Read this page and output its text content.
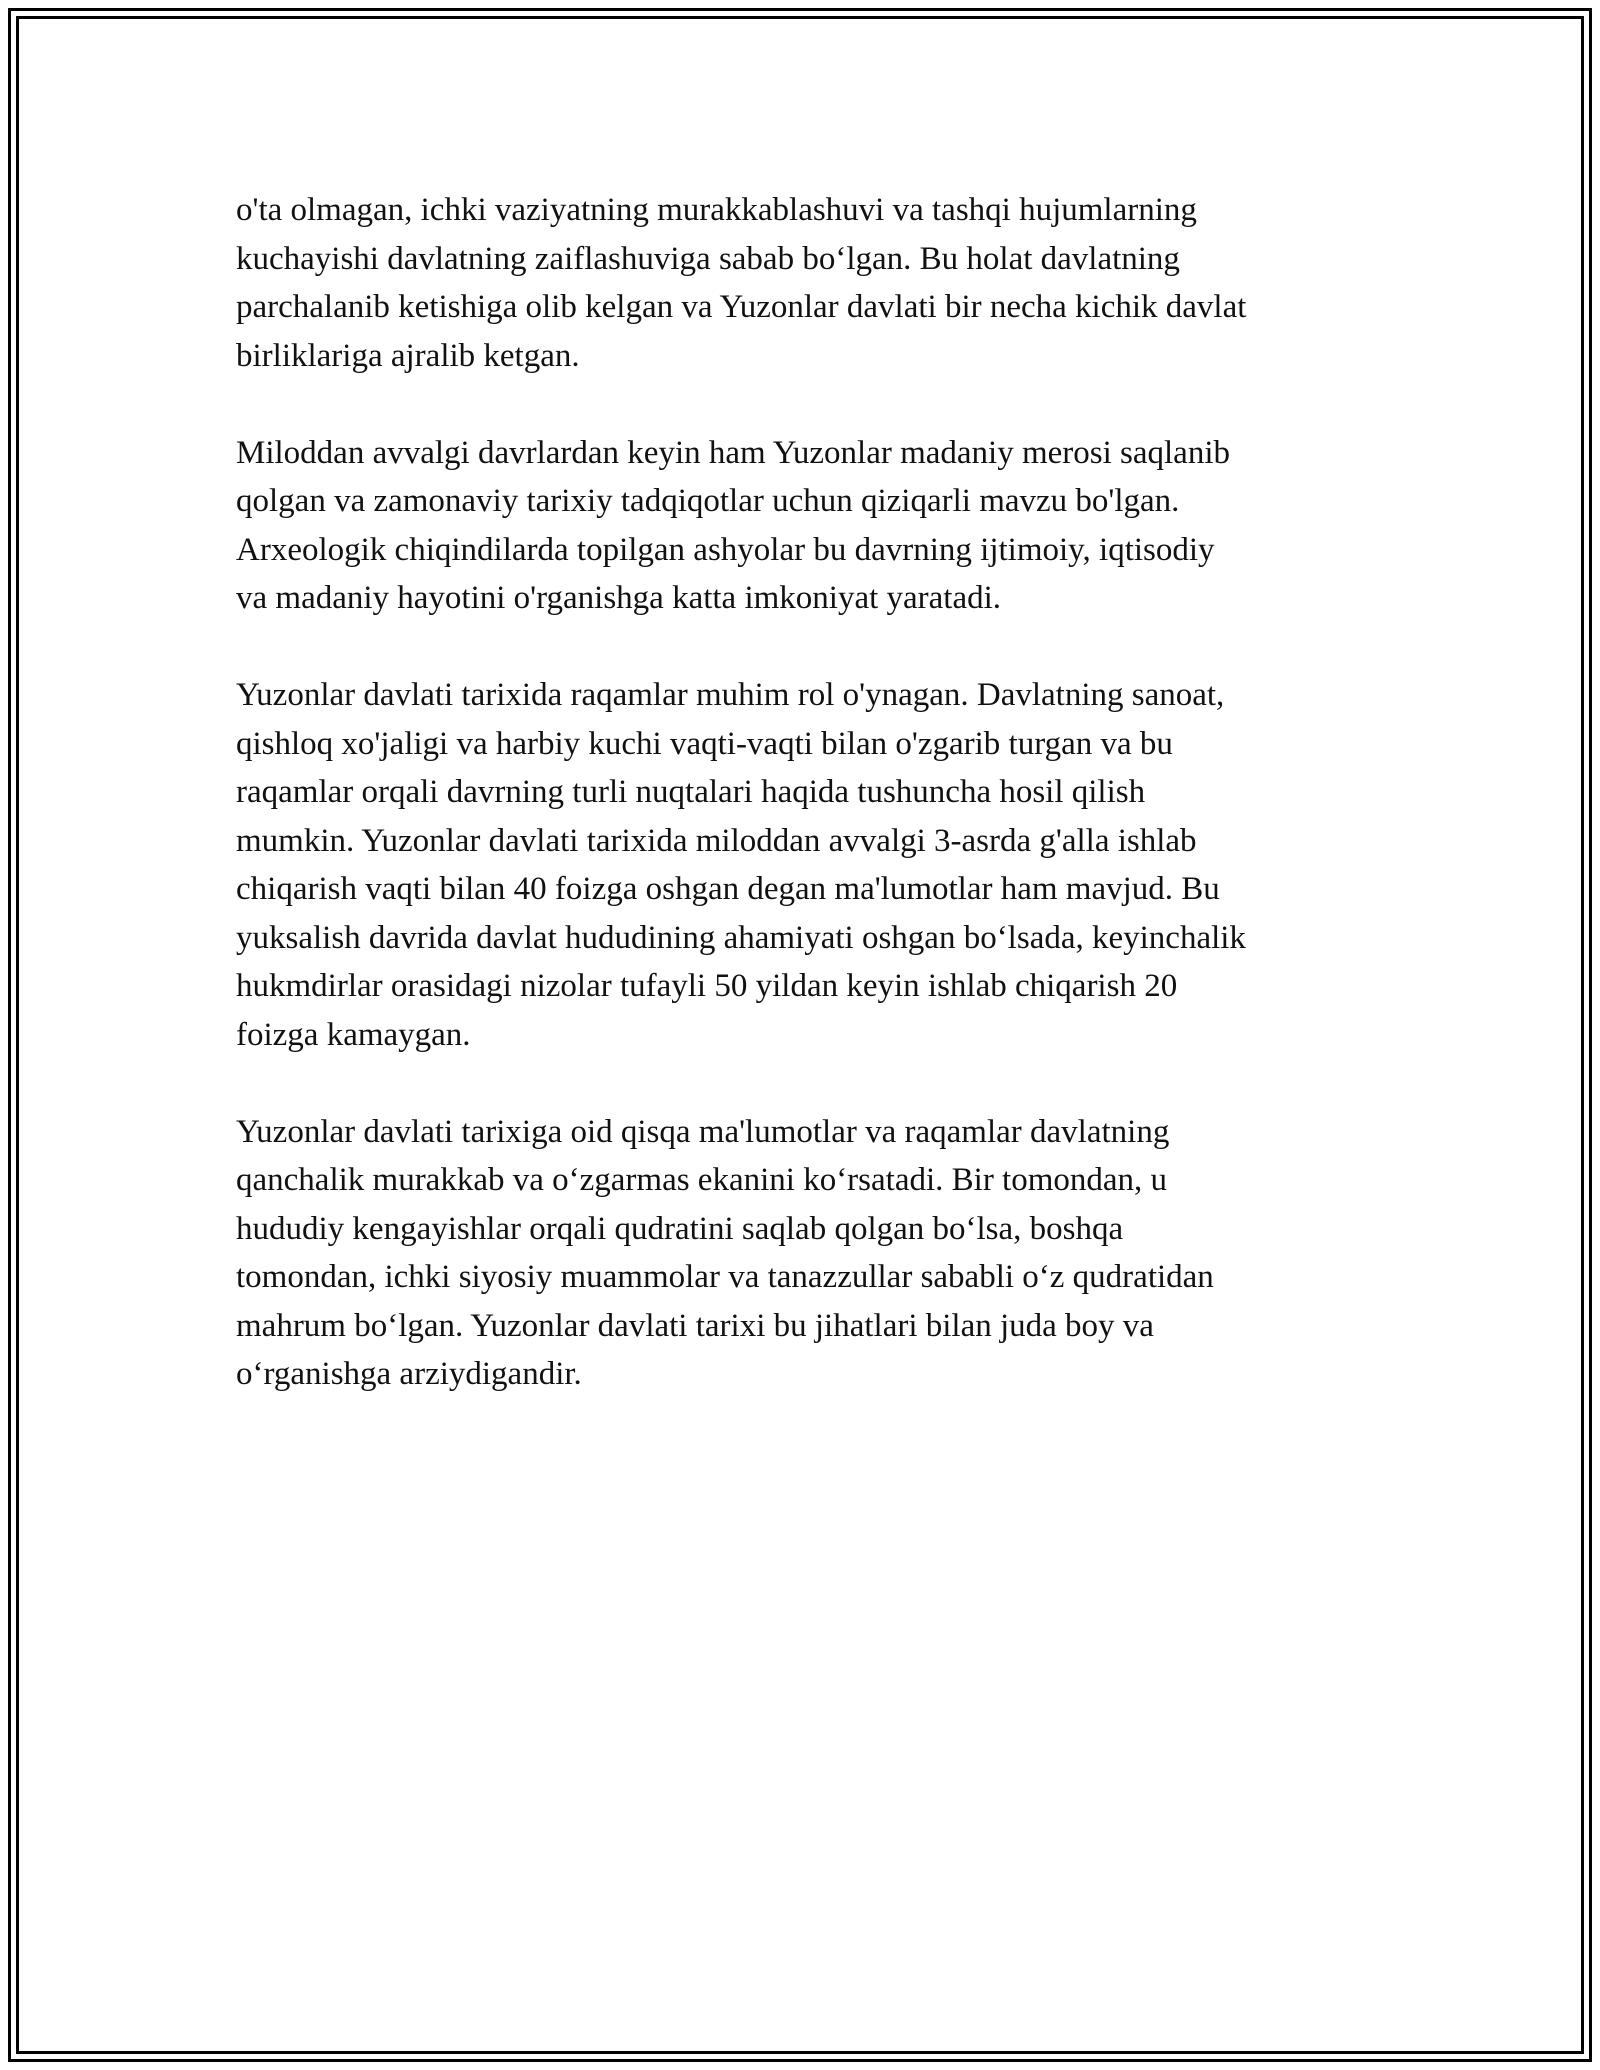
o'ta olmagan, ichki vaziyatning murakkablashuvi va tashqi hujumlarning
kuchayishi davlatning zaiflashuviga sabab bo‘lgan. Bu holat davlatning
parchalanib ketishiga olib kelgan va Yuzonlar davlati bir necha kichik davlat
birliklariga ajralib ketgan.

Miloddan avvalgi davrlardan keyin ham Yuzonlar madaniy merosi saqlanib
qolgan va zamonaviy tarixiy tadqiqotlar uchun qiziqarli mavzu bo'lgan.
Arxeologik chiqindilarda topilgan ashyolar bu davrning ijtimoiy, iqtisodiy
va madaniy hayotini o'rganishga katta imkoniyat yaratadi.

Yuzonlar davlati tarixida raqamlar muhim rol o'ynagan. Davlatning sanoat,
qishloq xo'jaligi va harbiy kuchi vaqti-vaqti bilan o'zgarib turgan va bu
raqamlar orqali davrning turli nuqtalari haqida tushuncha hosil qilish
mumkin. Yuzonlar davlati tarixida miloddan avvalgi 3-asrda g'alla ishlab
chiqarish vaqti bilan 40 foizga oshgan degan ma'lumotlar ham mavjud. Bu
yuksalish davrida davlat hududining ahamiyati oshgan bo‘lsada, keyinchalik
hukmdirlar orasidagi nizolar tufayli 50 yildan keyin ishlab chiqarish 20
foizga kamaygan.

Yuzonlar davlati tarixiga oid qisqa ma'lumotlar va raqamlar davlatning
qanchalik murakkab va o‘zgarmas ekanini ko‘rsatadi. Bir tomondan, u
hududiy kengayishlar orqali qudratini saqlab qolgan bo‘lsa, boshqa
tomondan, ichki siyosiy muammolar va tanazzullar sababli o‘z qudratidan
mahrum bo‘lgan. Yuzonlar davlati tarixi bu jihatlari bilan juda boy va
o‘rganishga arziydigandir.
